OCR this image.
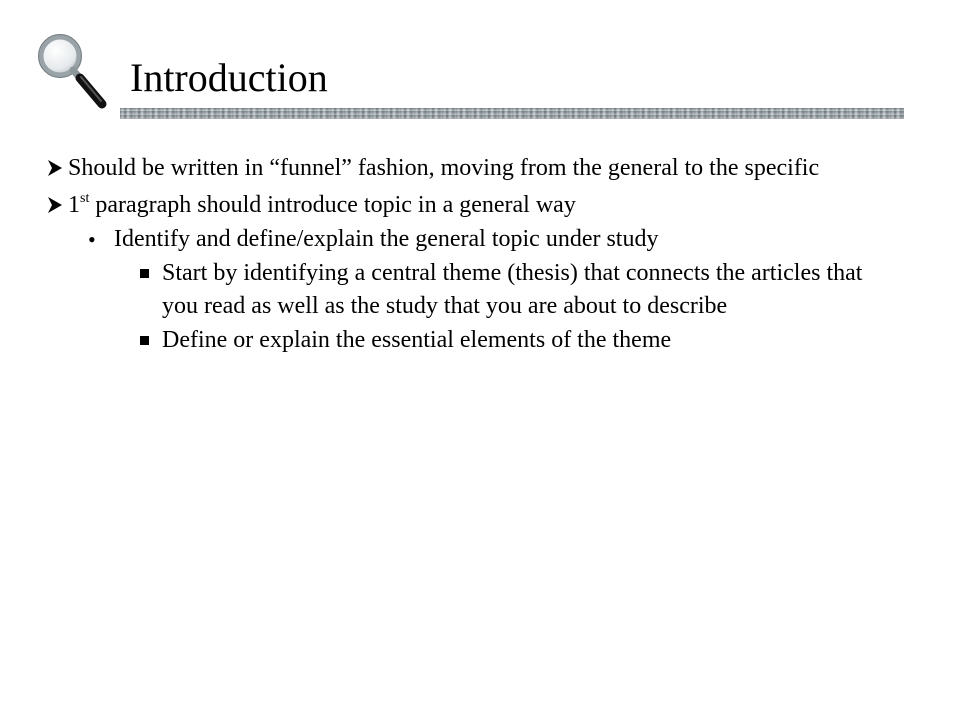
Introduction
Should be written in “funnel” fashion, moving from the general to the specific
1st paragraph should introduce topic in a general way
• Identify and define/explain the general topic under study
Start by identifying a central theme (thesis) that connects the articles that you read as well as the study that you are about to describe
Define or explain the essential elements of the theme
